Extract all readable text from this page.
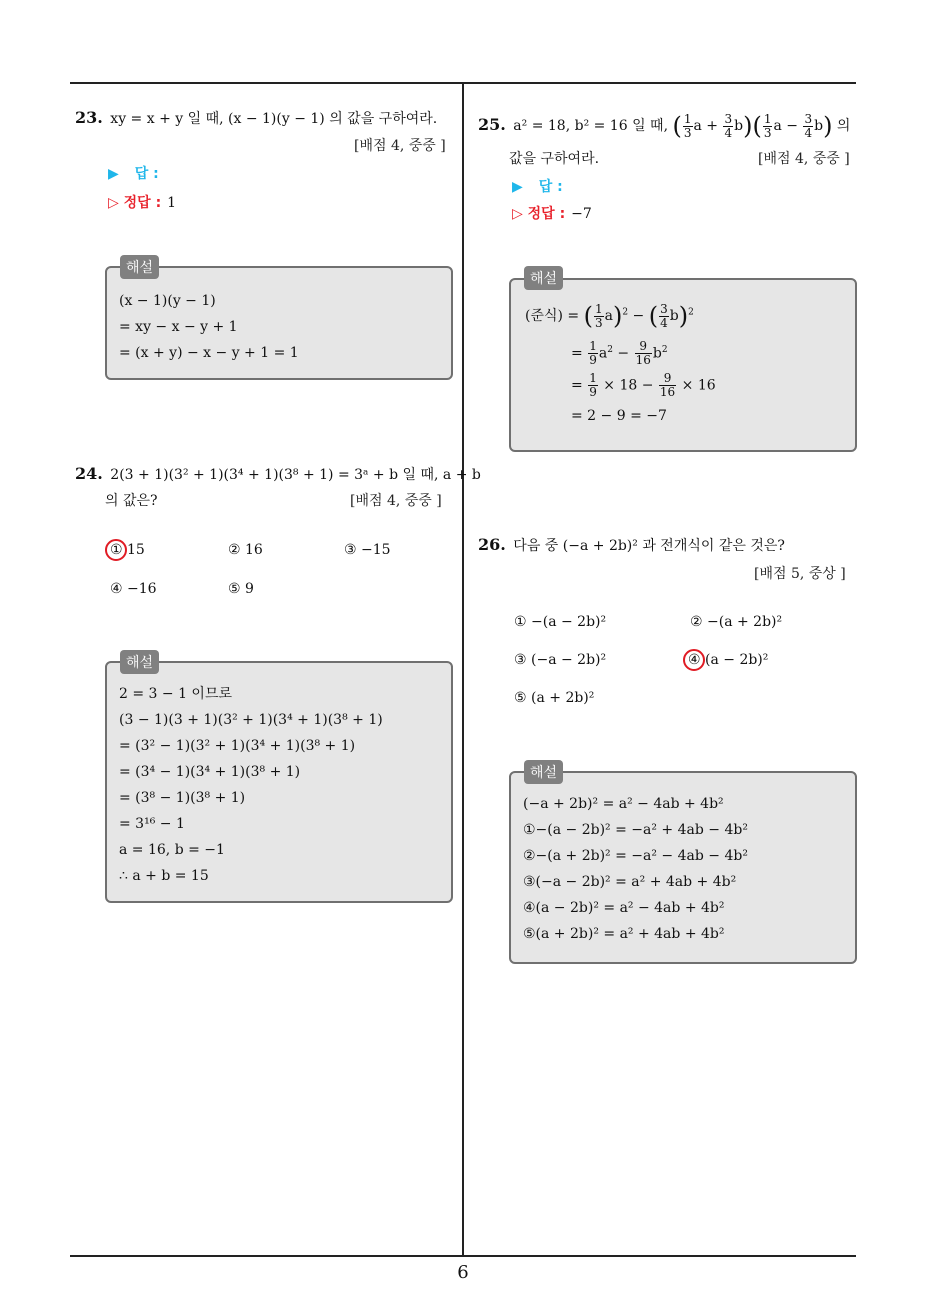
23. xy = x + y 일 때, (x − 1)(y − 1) 의 값을 구하여라.
[배점 4, 중중 ]
▶ 답 :
▷ 정답 : 1
(x − 1)(y − 1)
= xy − x − y + 1
= (x + y) − x − y + 1 = 1
해설
24. 2(3 + 1)(3² + 1)(3⁴ + 1)(3⁸ + 1) = 3ᵃ + b 일 때, a + b
의 값은?	[배점 4, 중중 ]
① 15	② 16	③ −15
④ −16	⑤ 9
2 = 3 − 1 이므로
(3 − 1)(3 + 1)(3² + 1)(3⁴ + 1)(3⁸ + 1)
= (3² − 1)(3² + 1)(3⁴ + 1)(3⁸ + 1)
= (3⁴ − 1)(3⁴ + 1)(3⁸ + 1)
= (3⁸ − 1)(3⁸ + 1)
= 3¹⁶ − 1
a = 16, b = −1
∴ a + b = 15
해설
25. a² = 18, b² = 16 일 때, ( $\frac{1}{3}$ $a + \frac{3}{4} b)( \frac{1}{3}$ $a - \frac{3}{4} b$) 의
값을 구하여라.	[배점 4, 중중 ]
▶ 답 :
▷ 정답 : −7
(준식) = ( $\frac{1}{3} a)^2$ − ( $\frac{3}{4} b)^2$
= $\frac{1}{9} a^2 - \frac{9}{16} b^2$
= $\frac{1}{9} \times 18 - \frac{9}{16} \times 16$
= 2 − 9 = −7
해설
26. 다음 중 (−a + 2b)² 과 전개식이 같은 것은?
[배점 5, 중상 ]
① −(a − 2b)²	② −(a + 2b)²
③ (−a − 2b)²	④ (a − 2b)²
⑤ (a + 2b)²
(−a + 2b)² = a² − 4ab + 4b²
①−(a − 2b)² = −a² + 4ab − 4b²
②−(a + 2b)² = −a² − 4ab − 4b²
③(−a − 2b)² = a² + 4ab + 4b²
④(a − 2b)² = a² − 4ab + 4b²
⑤(a + 2b)² = a² + 4ab + 4b²
해설
6
